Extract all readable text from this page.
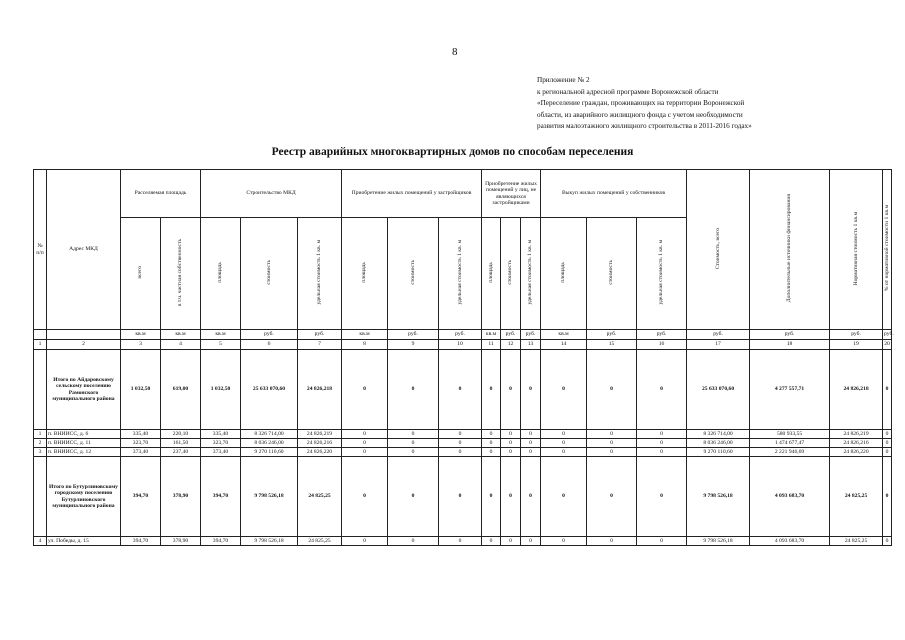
8
Приложение № 2
к региональной адресной программе Воронежской области
«Переселение граждан, проживающих на территории Воронежской
области, из аварийного жилищного фонда с учетом необходимости
развития малоэтажного жилищного строительства в 2011-2016 годах»
Реестр аварийных многоквартирных домов по способам переселения
№ п/п	Адрес МКД	Расселяемая площадь		Строительство МКД			Приобретение жилых помещений у застройщиков			Приобретение жилых помещений у лиц, не являющихся застройщиками			Выкуп жилых помещений у собственников			Стоимость, всего	Дополнительные источники финансирования	Нормативная стоимость 1 кв.м	% от нормативной стоимости 1 кв.м
		всего	в т.ч. частная собственность	площадь	стоимость	удельная стоимость 1 кв. м	площадь	стоимость	удельная стоимость 1 кв. м	площадь	стоимость	удельная стоимость 1 кв. м	площадь	стоимость	удельная стоимость 1 кв. м				
		кв.м	кв.м	кв.м	руб.	руб.	кв.м	руб.	руб.	кв.м	руб.	руб.	кв.м	руб.	руб.	руб.	руб.	руб.	руб.
1	2	3	4	5	6	7	8	9	10	11	12	13	14	15	16	17	18	19	20
	Итого по Айдаровскому сельскому поселению Рамонского муниципального района	1 032,50	619,00	1 032,50	25 633 070,60	24 826,218	0	0	0	0	0	0	0	0	0	25 633 070,60	4 277 557,71	24 826,218	0
1	п. ВНИИСС, д. 6	335,40	220,10	335,40	8 326 714,00	24 826,219	0	0	0	0	0	0	0	0	0	8 326 714,00	580 933,55	24 826,219	0
2	п. ВНИИСС, д. 11	323,70	161,50	323,70	8 036 246,00	24 826,216	0	0	0	0	0	0	0	0	0	8 036 246,00	1 474 677,47	24 826,216	0
3	п. ВНИИСС, д. 12	373,40	237,40	373,40	9 270 110,60	24 826,220	0	0	0	0	0	0	0	0	0	9 270 110,60	2 221 946,69	24 826,220	0
	Итого по Бутурлиновскому городскому поселению Бутурлиновского муниципального района	394,70	378,90	394,70	9 798 526,18	24 825,25	0	0	0	0	0	0	0	0	0	9 798 526,18	4 093 683,70	24 825,25	0
4	ул. Победы, д. 15	394,70	378,90	394,70	9 798 526,18	24 825,25	0	0	0	0	0	0	0	0	0	9 798 526,18	4 093 683,70	24 825,25	0
